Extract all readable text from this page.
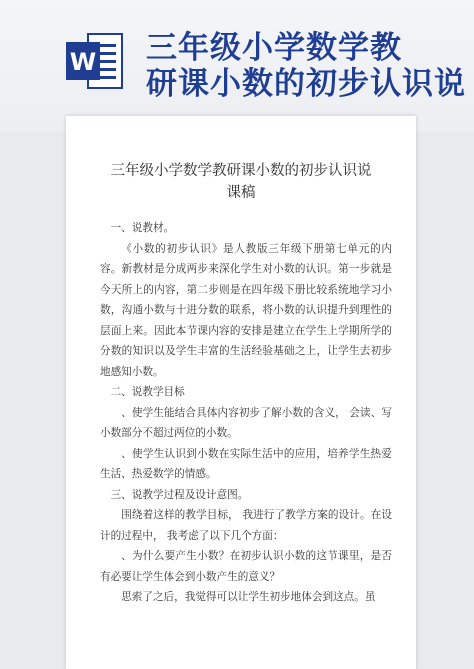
W 三年级小学数学教
研课小数的初步认识说
三年级小学数学教研课小数的初步认识说课稿

一、说教材。

《小数的初步认识》是人教版三年级下册第七单元的内容。新教材是分成两步来深化学生对小数的认识。第一步就是今天所上的内容，第二步则是在四年级下册比较系统地学习小数，沟通小数与十进分数的联系，将小数的认识提升到理性的层面上来。因此本节课内容的安排是建立在学生上学期所学的分数的知识以及学生丰富的生活经验基础之上，让学生去初步地感知小数。

二、说教学目标

、使学生能结合具体内容初步了解小数的含义， 会读、写小数部分不超过两位的小数。

、使学生认识到小数在实际生活中的应用，培养学生热爱生活、热爱数学的情感。

三、说教学过程及设计意图。

围绕着这样的教学目标， 我进行了教学方案的设计。在设计的过程中， 我考虑了以下几个方面：

、为什么要产生小数？在初步认识小数的这节课里，是否有必要让学生体会到小数产生的意义？

思索了之后，我觉得可以让学生初步地体会到这点。虽
